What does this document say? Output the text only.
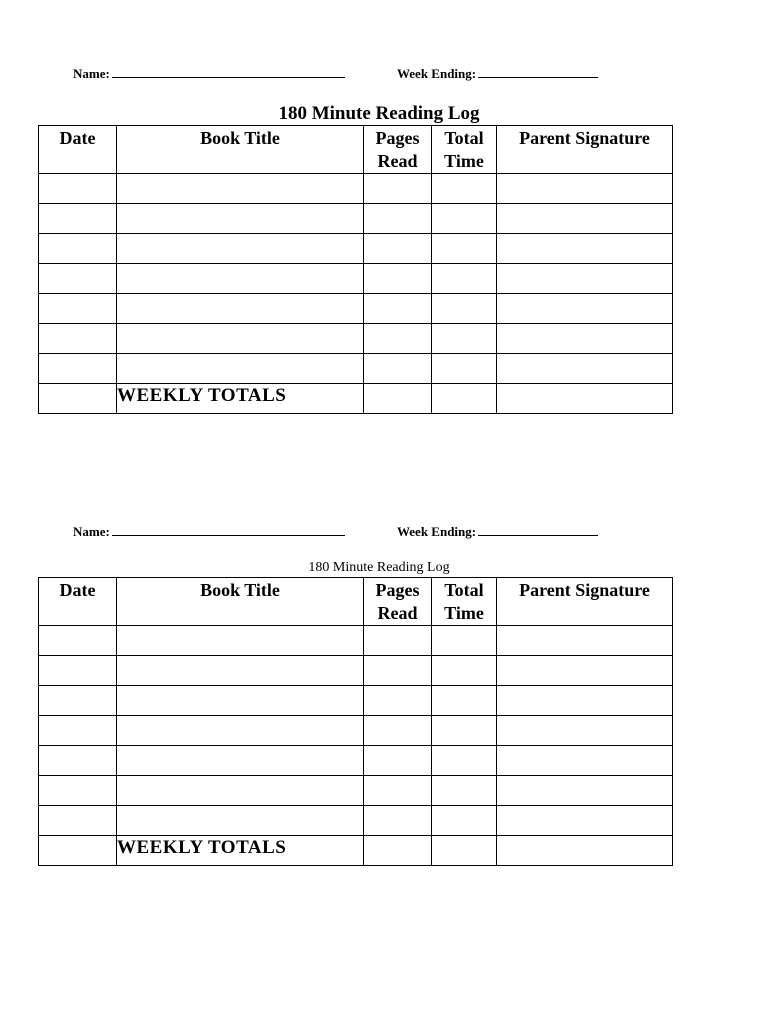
Name:	Week Ending:
180 Minute Reading Log
Date	Book Title	Pages Read	Total Time	Parent Signature

	WEEKLY TOTALS			
Name:	Week Ending:
180 Minute Reading Log
Date	Book Title	Pages Read	Total Time	Parent Signature

	WEEKLY TOTALS			
